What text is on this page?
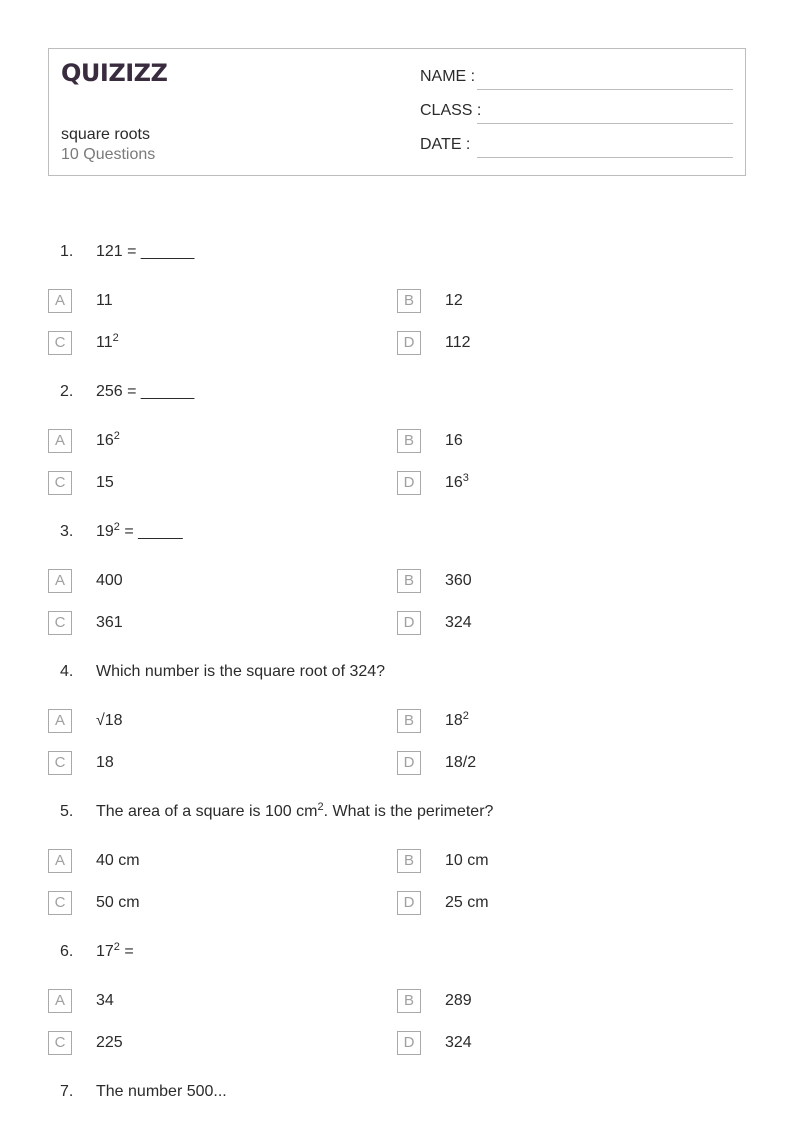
QUIZIZZ
square roots
10 Questions
NAME :
CLASS :
DATE :
1. 121 = ______
A	11	B	12
C	$11^2$	D	112
2. 256 = ______
A	$16^2$	B	16
C	15	D	$16^3$
3. $19^2$ = _____
A	400	B	360
C	361	D	324
4. Which number is the square root of 324?
A	√18	B	$18^2$
C	18	D	18/2
5. The area of a square is 100 $cm^2$. What is the perimeter?
A	40 cm	B	10 cm
C	50 cm	D	25 cm
6. $17^2$ =
A	34	B	289
C	225	D	324
7. The number 500...
